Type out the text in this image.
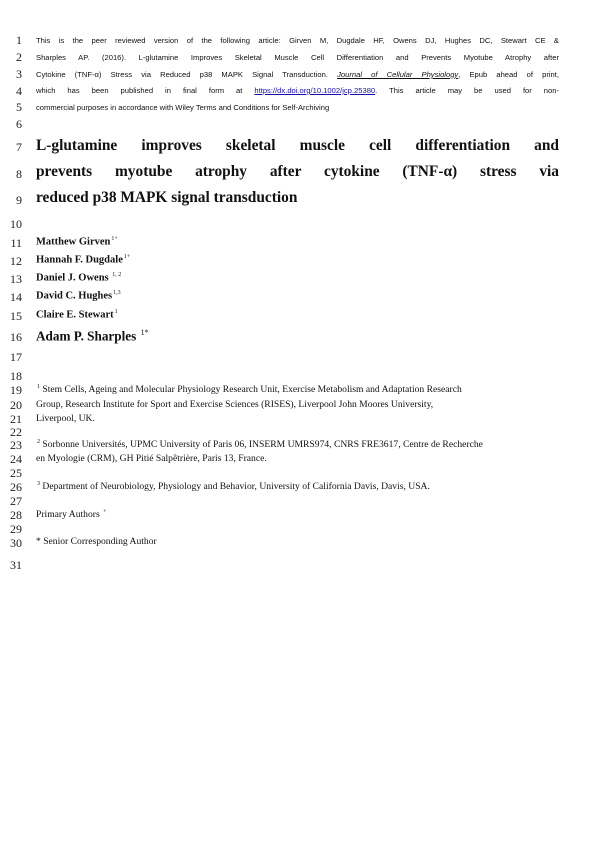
1
2
3
4
5
6
7
8
9
10
11
12
13
14
15
16
17
18
19
20
21
22
23
24
25
26
27
28
29
30
31
This is the peer reviewed version of the following article: Girven M, Dugdale HF, Owens DJ, Hughes DC, Stewart CE &
Sharples AP. (2016). L-glutamine Improves Skeletal Muscle Cell Differentiation and Prevents Myotube Atrophy after
Cytokine (TNF-α) Stress via Reduced p38 MAPK Signal Transduction. Journal of Cellular Physiology, Epub ahead of print,
which has been published in final form at https://dx.doi.org/10.1002/jcp.25380. This article may be used for non-
commercial purposes in accordance with Wiley Terms and Conditions for Self-Archiving
L-glutamine improves skeletal muscle cell differentiation and
prevents myotube atrophy after cytokine (TNF-α) stress via
reduced p38 MAPK signal transduction
Matthew Girven$^{1+}$
Hannah F. Dugdale$^{1+}$
Daniel J. Owens $^{1, 2}$
David C. Hughes$^{1,3}$
Claire E. Stewart$^1$
Adam P. Sharples $^{1*}$
$^1$ Stem Cells, Ageing and Molecular Physiology Research Unit, Exercise Metabolism and Adaptation Research
Group, Research Institute for Sport and Exercise Sciences (RISES), Liverpool John Moores University,
Liverpool, UK.
$^2$ Sorbonne Universités, UPMC University of Paris 06, INSERM UMRS974, CNRS FRE3617, Centre de Recherche
en Myologie (CRM), GH Pitié Salpêtrière, Paris 13, France.
$^3$ Department of Neurobiology, Physiology and Behavior, University of California Davis, Davis, USA.
Primary Authors +
* Senior Corresponding Author
